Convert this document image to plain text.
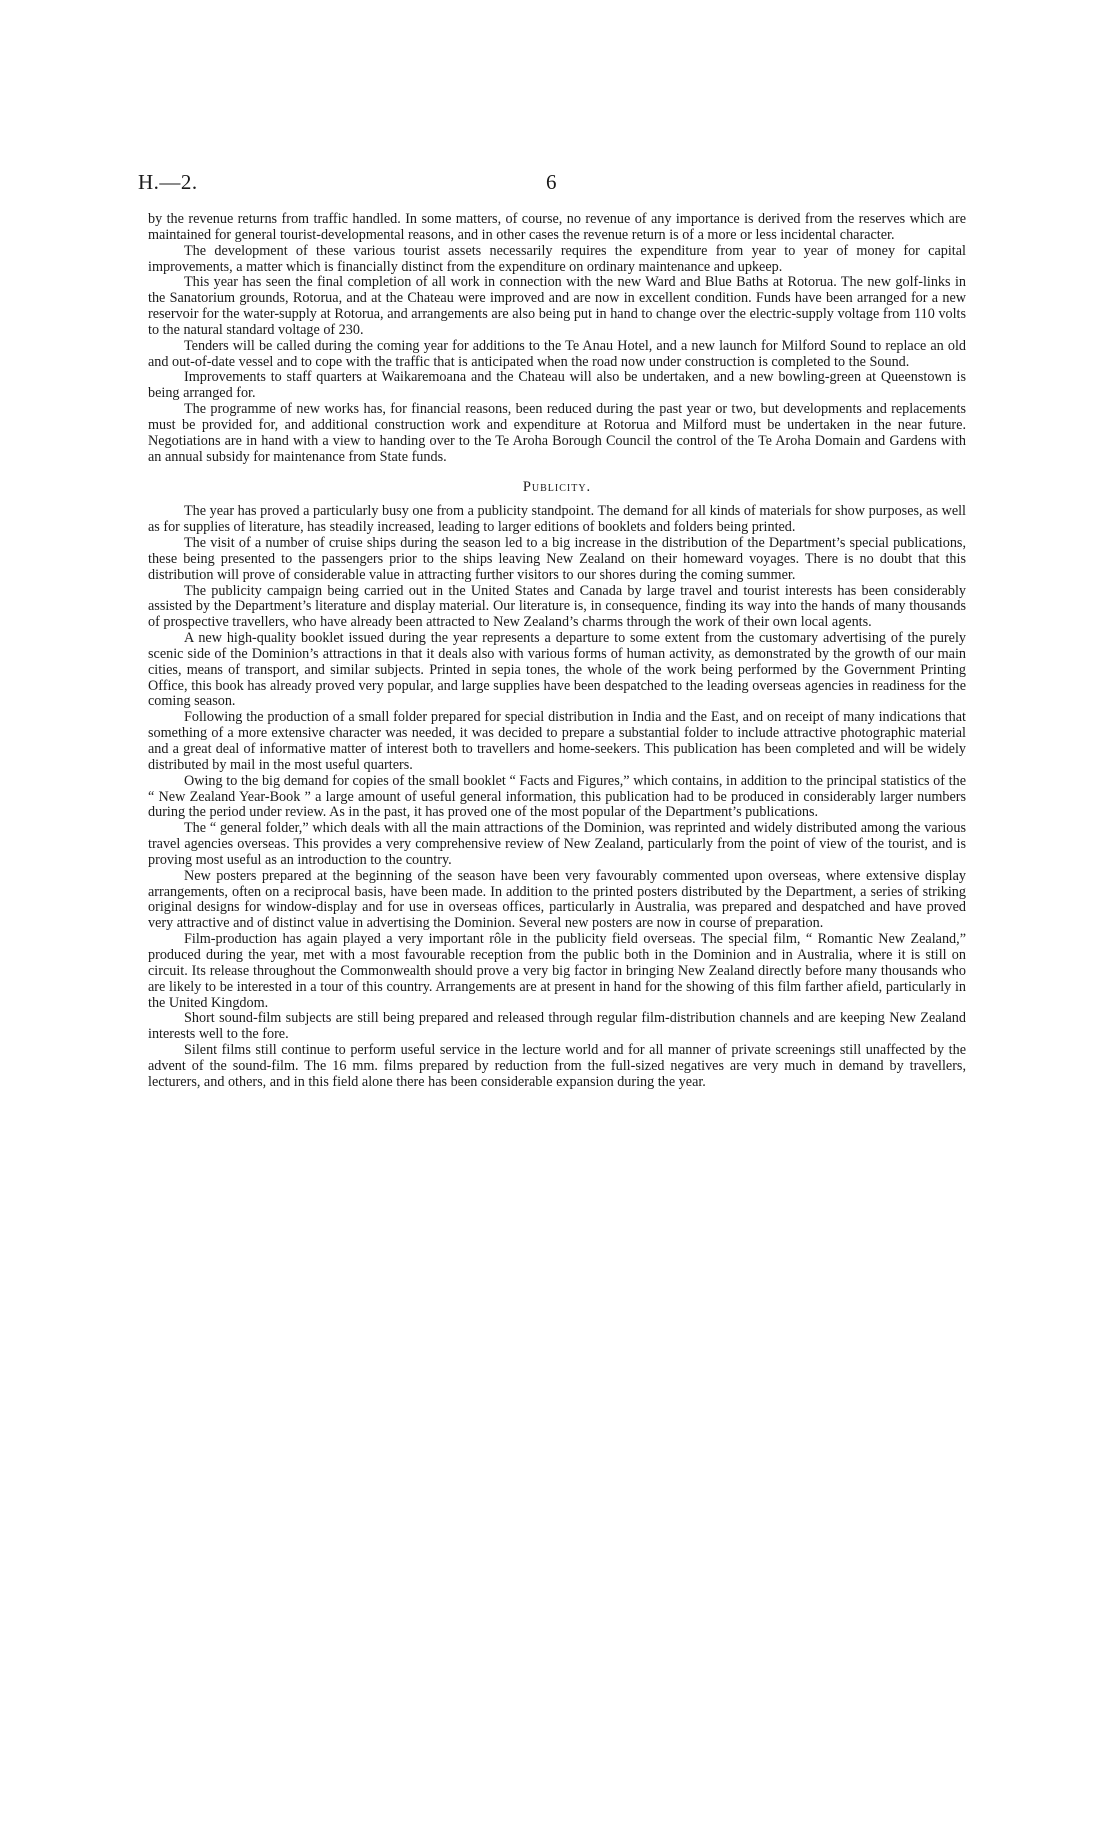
H.—2.	6

by the revenue returns from traffic handled. In some matters, of course, no revenue of any importance is derived from the reserves which are maintained for general tourist-developmental reasons, and in other cases the revenue return is of a more or less incidental character.

The development of these various tourist assets necessarily requires the expenditure from year to year of money for capital improvements, a matter which is financially distinct from the expenditure on ordinary maintenance and upkeep.

This year has seen the final completion of all work in connection with the new Ward and Blue Baths at Rotorua. The new golf-links in the Sanatorium grounds, Rotorua, and at the Chateau were improved and are now in excellent condition. Funds have been arranged for a new reservoir for the water-supply at Rotorua, and arrangements are also being put in hand to change over the electric-supply voltage from 110 volts to the natural standard voltage of 230.

Tenders will be called during the coming year for additions to the Te Anau Hotel, and a new launch for Milford Sound to replace an old and out-of-date vessel and to cope with the traffic that is anticipated when the road now under construction is completed to the Sound.

Improvements to staff quarters at Waikaremoana and the Chateau will also be undertaken, and a new bowling-green at Queenstown is being arranged for.

The programme of new works has, for financial reasons, been reduced during the past year or two, but developments and replacements must be provided for, and additional construction work and expenditure at Rotorua and Milford must be undertaken in the near future. Negotiations are in hand with a view to handing over to the Te Aroha Borough Council the control of the Te Aroha Domain and Gardens with an annual subsidy for maintenance from State funds.

Publicity.

The year has proved a particularly busy one from a publicity standpoint. The demand for all kinds of materials for show purposes, as well as for supplies of literature, has steadily increased, leading to larger editions of booklets and folders being printed.

The visit of a number of cruise ships during the season led to a big increase in the distribution of the Department’s special publications, these being presented to the passengers prior to the ships leaving New Zealand on their homeward voyages. There is no doubt that this distribution will prove of considerable value in attracting further visitors to our shores during the coming summer.

The publicity campaign being carried out in the United States and Canada by large travel and tourist interests has been considerably assisted by the Department’s literature and display material. Our literature is, in consequence, finding its way into the hands of many thousands of prospective travellers, who have already been attracted to New Zealand’s charms through the work of their own local agents.

A new high-quality booklet issued during the year represents a departure to some extent from the customary advertising of the purely scenic side of the Dominion’s attractions in that it deals also with various forms of human activity, as demonstrated by the growth of our main cities, means of transport, and similar subjects. Printed in sepia tones, the whole of the work being performed by the Government Printing Office, this book has already proved very popular, and large supplies have been despatched to the leading overseas agencies in readiness for the coming season.

Following the production of a small folder prepared for special distribution in India and the East, and on receipt of many indications that something of a more extensive character was needed, it was decided to prepare a substantial folder to include attractive photographic material and a great deal of informative matter of interest both to travellers and home-seekers. This publication has been completed and will be widely distributed by mail in the most useful quarters.

Owing to the big demand for copies of the small booklet “ Facts and Figures,” which contains, in addition to the principal statistics of the “ New Zealand Year-Book ” a large amount of useful general information, this publication had to be produced in considerably larger numbers during the period under review. As in the past, it has proved one of the most popular of the Department’s publications.

The “ general folder,” which deals with all the main attractions of the Dominion, was reprinted and widely distributed among the various travel agencies overseas. This provides a very comprehensive review of New Zealand, particularly from the point of view of the tourist, and is proving most useful as an introduction to the country.

New posters prepared at the beginning of the season have been very favourably commented upon overseas, where extensive display arrangements, often on a reciprocal basis, have been made. In addition to the printed posters distributed by the Department, a series of striking original designs for window-display and for use in overseas offices, particularly in Australia, was prepared and despatched and have proved very attractive and of distinct value in advertising the Dominion. Several new posters are now in course of preparation.

Film-production has again played a very important rôle in the publicity field overseas. The special film, “ Romantic New Zealand,” produced during the year, met with a most favourable reception from the public both in the Dominion and in Australia, where it is still on circuit. Its release throughout the Commonwealth should prove a very big factor in bringing New Zealand directly before many thousands who are likely to be interested in a tour of this country. Arrangements are at present in hand for the showing of this film farther afield, particularly in the United Kingdom.

Short sound-film subjects are still being prepared and released through regular film-distribution channels and are keeping New Zealand interests well to the fore.

Silent films still continue to perform useful service in the lecture world and for all manner of private screenings still unaffected by the advent of the sound-film. The 16 mm. films prepared by reduction from the full-sized negatives are very much in demand by travellers, lecturers, and others, and in this field alone there has been considerable expansion during the year.
